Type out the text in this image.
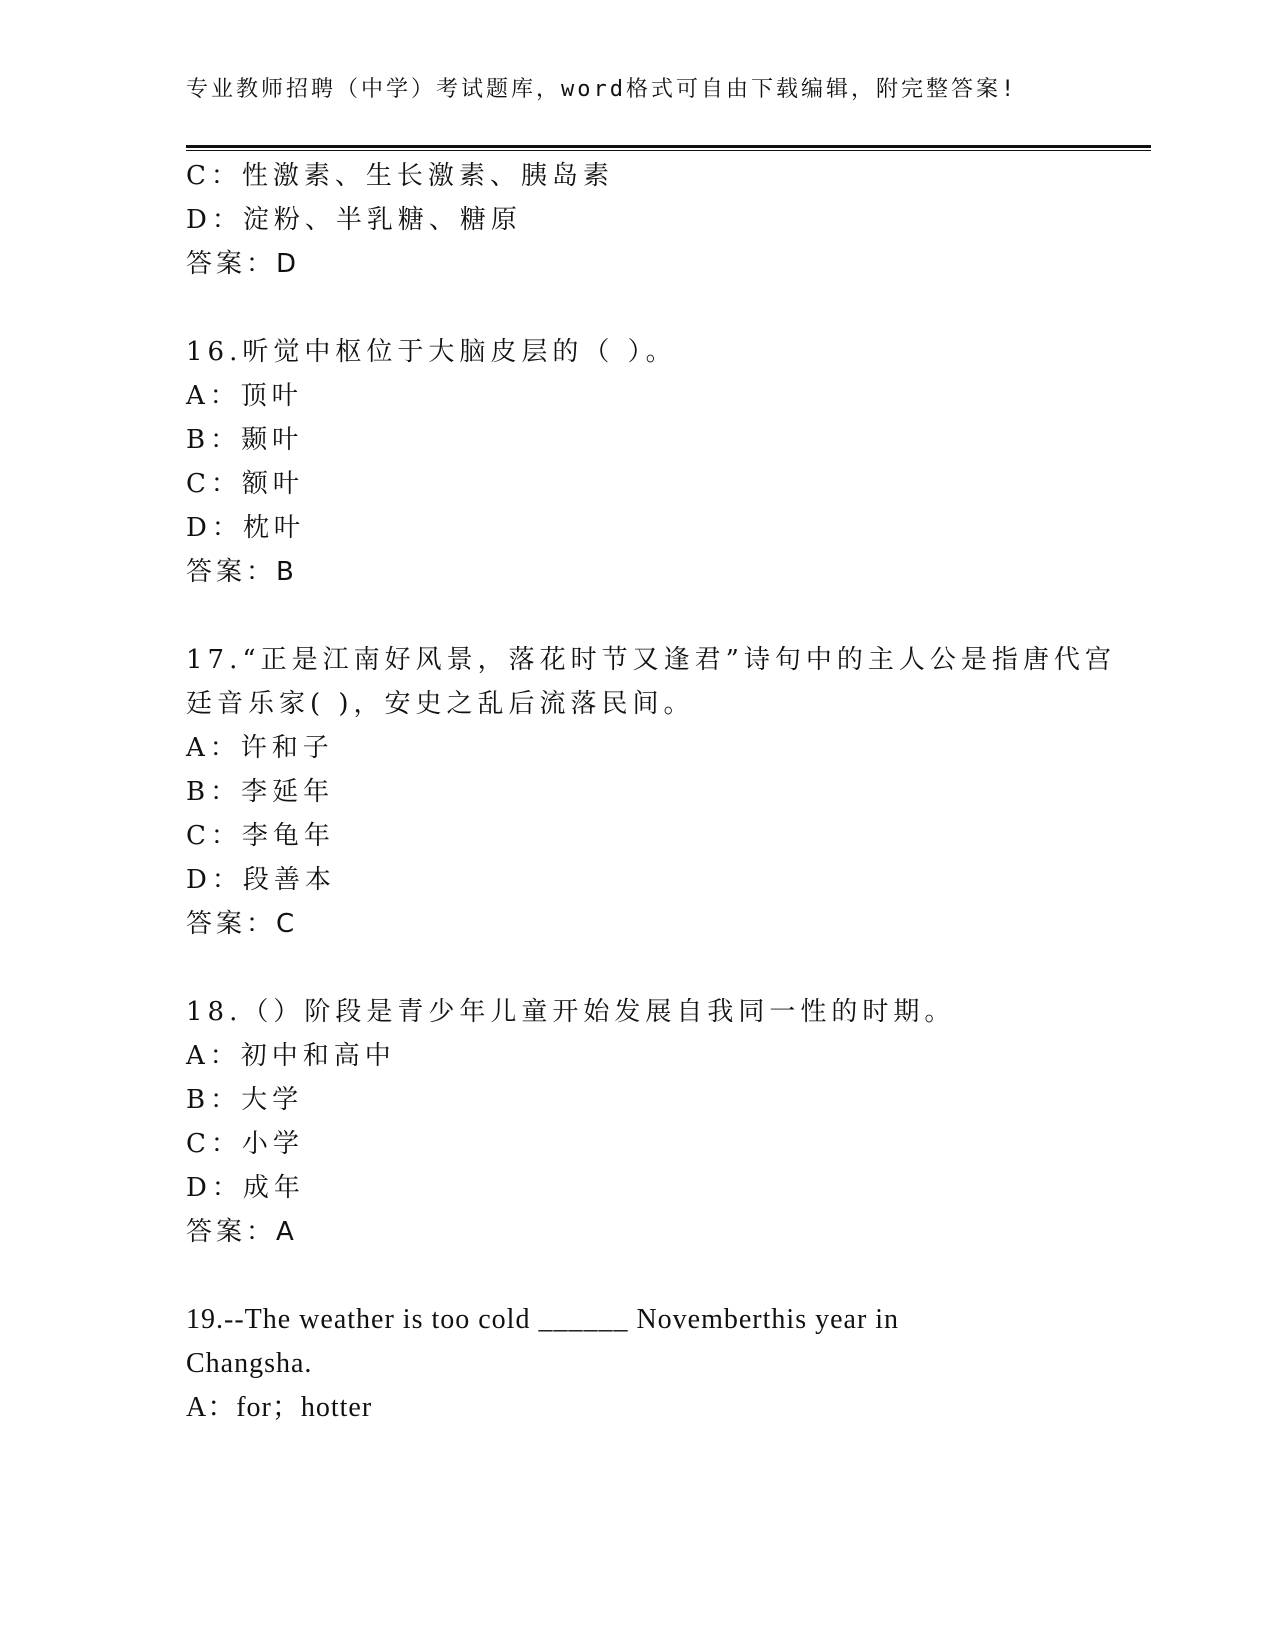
专业教师招聘（中学）考试题库，word格式可自由下载编辑，附完整答案!
C：性激素、生长激素、胰岛素
D：淀粉、半乳糖、糖原
答案：D
16.听觉中枢位于大脑皮层的（ ）。
A：顶叶
B：颞叶
C：额叶
D：枕叶
答案：B
17.“正是江南好风景，落花时节又逢君”诗句中的主人公是指唐代宫
廷音乐家( )，安史之乱后流落民间。
A：许和子
B：李延年
C：李龟年
D：段善本
答案：C
18.（）阶段是青少年儿童开始发展自我同一性的时期。
A：初中和高中
B：大学
C：小学
D：成年
答案：A
19.--The weather is too cold ______ Novemberthis year in
Changsha.
A：for；hotter
